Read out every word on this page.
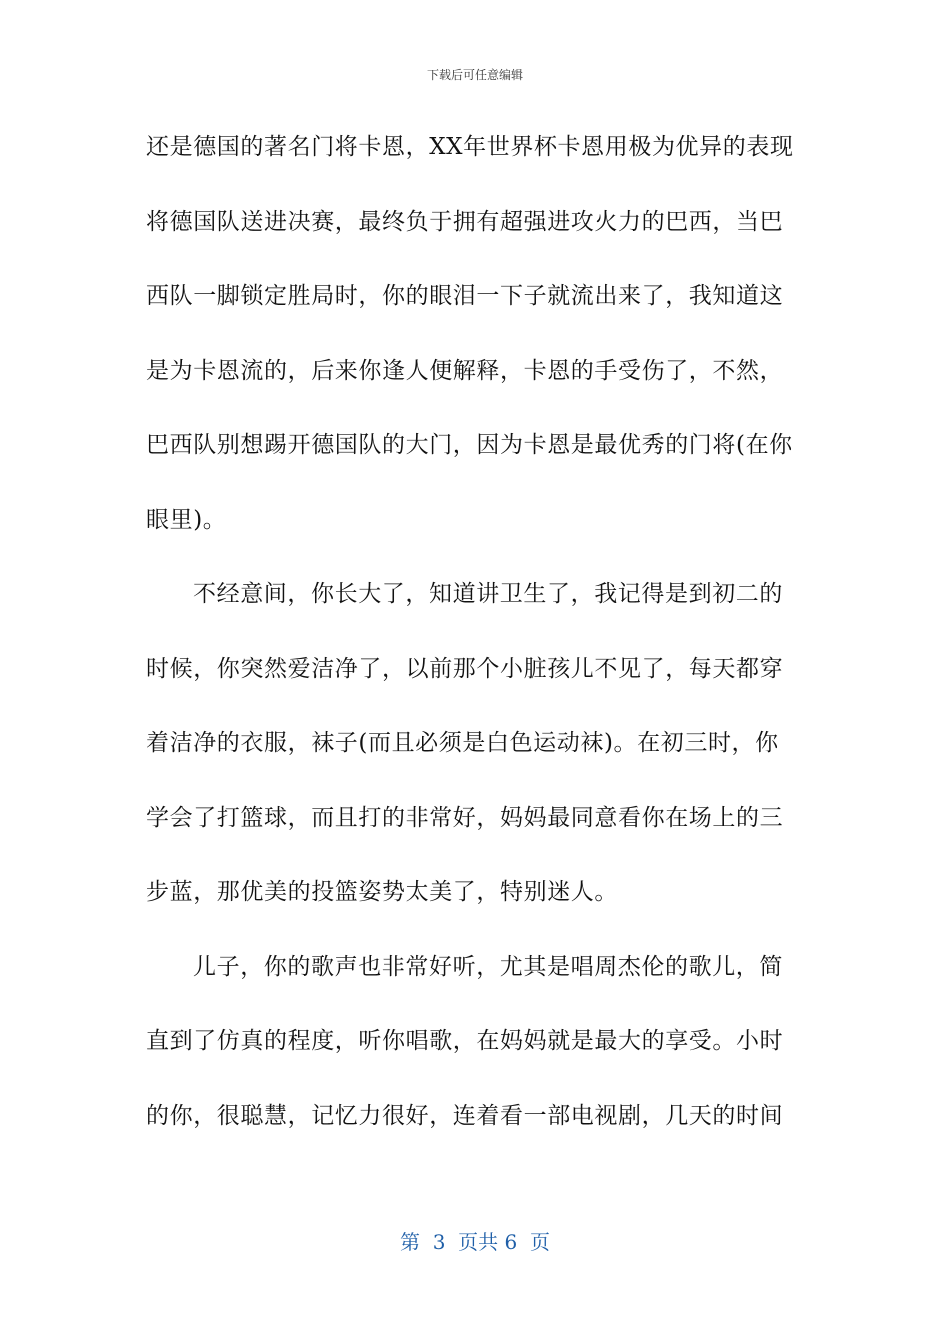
下载后可任意编辑
还是德国的著名门将卡恩，XX年世界杯卡恩用极为优异的表现
将德国队送进决赛，最终负于拥有超强进攻火力的巴西，当巴
西队一脚锁定胜局时，你的眼泪一下子就流出来了，我知道这
是为卡恩流的，后来你逢人便解释，卡恩的手受伤了，不然，
巴西队别想踢开德国队的大门，因为卡恩是最优秀的门将(在你
眼里)。
不经意间，你长大了，知道讲卫生了，我记得是到初二的
时候，你突然爱洁净了，以前那个小脏孩儿不见了，每天都穿
着洁净的衣服，袜子(而且必须是白色运动袜)。在初三时，你
学会了打篮球，而且打的非常好，妈妈最同意看你在场上的三
步蓝，那优美的投篮姿势太美了，特别迷人。
儿子，你的歌声也非常好听，尤其是唱周杰伦的歌儿，简
直到了仿真的程度，听你唱歌，在妈妈就是最大的享受。小时
的你，很聪慧，记忆力很好，连着看一部电视剧，几天的时间
第  3  页共 6  页
